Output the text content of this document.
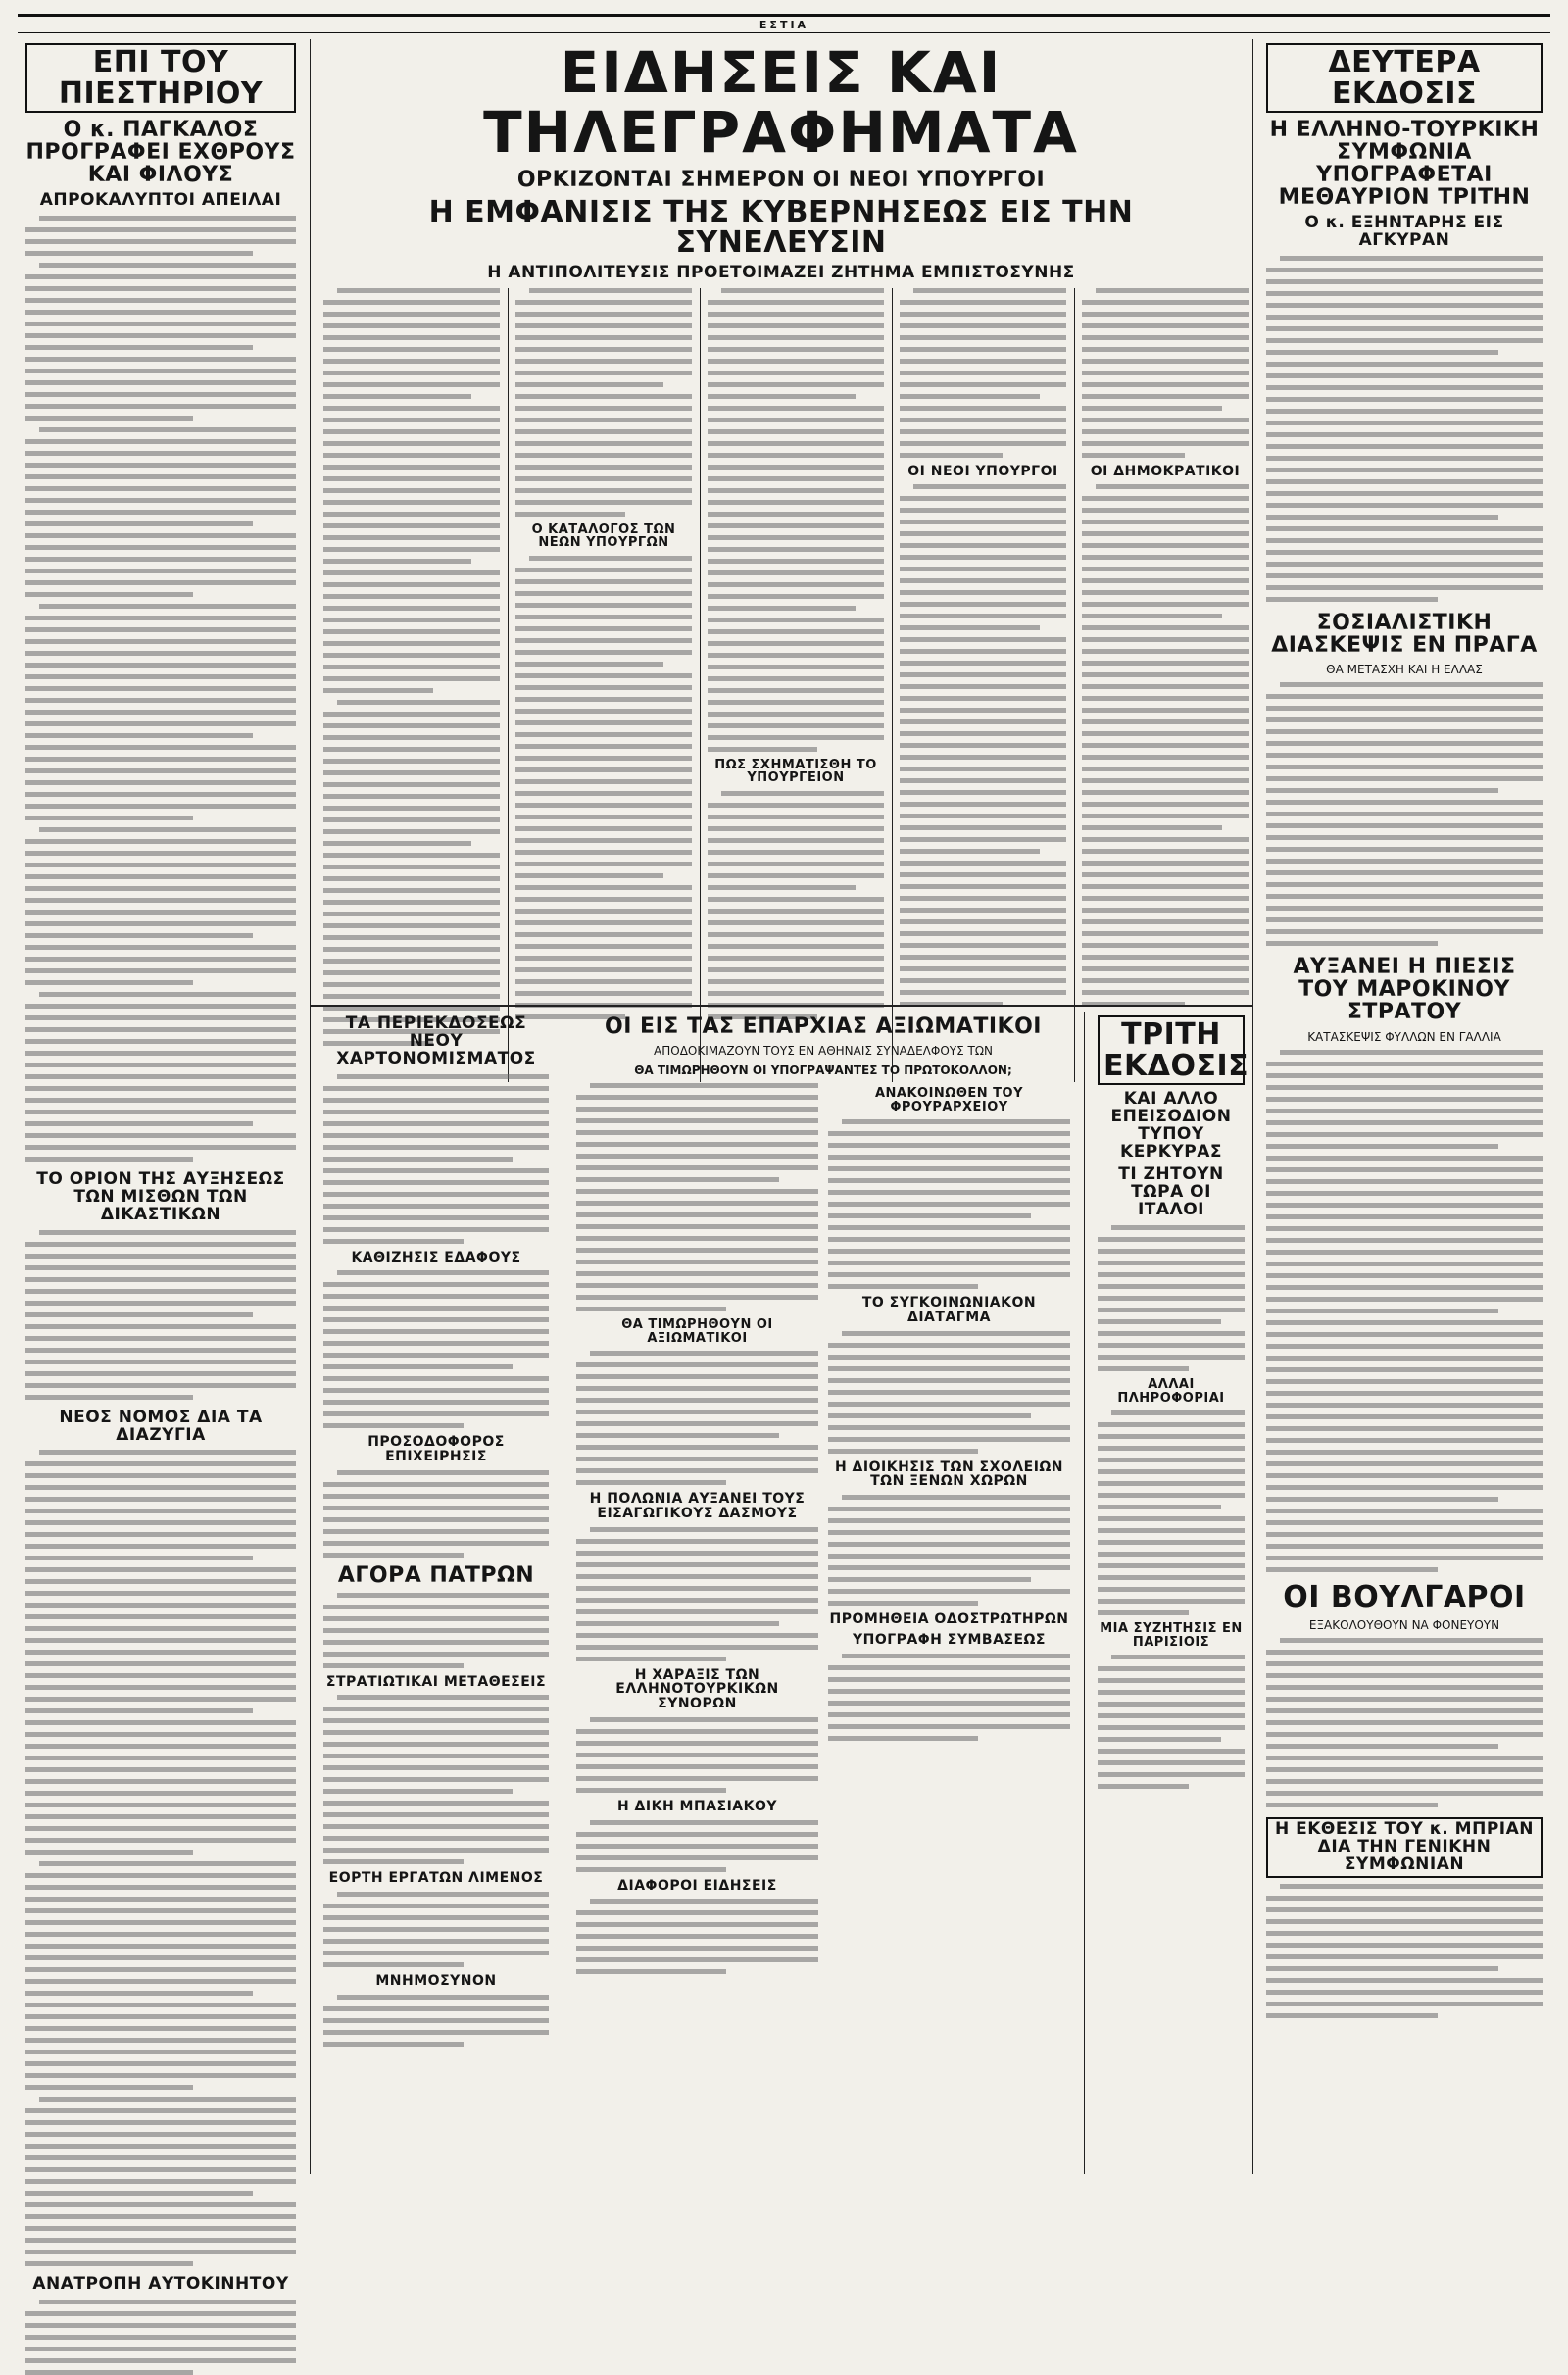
ΕΣΤΙΑ
ΕΠΙ ΤΟΥ ΠΙΕΣΤΗΡΙΟΥ
Ο κ. ΠΑΓΚΑΛΟΣ ΠΡΟΓΡΑΦΕΙ ΕΧΘΡΟΥΣ ΚΑΙ ΦΙΛΟΥΣ
ΑΠΡΟΚΑΛΥΠΤΟΙ ΑΠΕΙΛΑΙ
ΤΟ ΟΡΙΟΝ ΤΗΣ ΑΥΞΗΣΕΩΣ ΤΩΝ ΜΙΣΘΩΝ ΤΩΝ ΔΙΚΑΣΤΙΚΩΝ
ΝΕΟΣ ΝΟΜΟΣ ΔΙΑ ΤΑ ΔΙΑΖΥΓΙΑ
ΑΝΑΤΡΟΠΗ ΑΥΤΟΚΙΝΗΤΟΥ
ΕΙΔΗΣΕΙΣ ΚΑΙ ΤΗΛΕΓΡΑΦΗΜΑΤΑ
ΟΡΚΙΖΟΝΤΑΙ ΣΗΜΕΡΟΝ ΟΙ ΝΕΟΙ ΥΠΟΥΡΓΟΙ
Η ΕΜΦΑΝΙΣΙΣ ΤΗΣ ΚΥΒΕΡΝΗΣΕΩΣ ΕΙΣ ΤΗΝ ΣΥΝΕΛΕΥΣΙΝ
Η ΑΝΤΙΠΟΛΙΤΕΥΣΙΣ ΠΡΟΕΤΟΙΜΑΖΕΙ ΖΗΤΗΜΑ ΕΜΠΙΣΤΟΣΥΝΗΣ
Ο ΚΑΤΑΛΟΓΟΣ ΤΩΝ ΝΕΩΝ ΥΠΟΥΡΓΩΝ
ΠΩΣ ΣΧΗΜΑΤΙΣΘΗ ΤΟ ΥΠΟΥΡΓΕΙΟΝ
ΟΙ ΝΕΟΙ ΥΠΟΥΡΓΟΙ	ΟΙ ΔΗΜΟΚΡΑΤΙΚΟΙ
ΔΕΥΤΕΡΑ ΕΚΔΟΣΙΣ
Η ΕΛΛΗΝΟ-ΤΟΥΡΚΙΚΗ ΣΥΜΦΩΝΙΑ ΥΠΟΓΡΑΦΕΤΑΙ ΜΕΘΑΥΡΙΟΝ ΤΡΙΤΗΝ
Ο κ. ΕΞΗΝΤΑΡΗΣ ΕΙΣ ΑΓΚΥΡΑΝ
ΣΟΣΙΑΛΙΣΤΙΚΗ ΔΙΑΣΚΕΨΙΣ ΕΝ ΠΡΑΓΑ
ΘΑ ΜΕΤΑΣΧΗ ΚΑΙ Η ΕΛΛΑΣ
ΑΥΞΑΝΕΙ Η ΠΙΕΣΙΣ ΤΟΥ ΜΑΡΟΚΙΝΟΥ ΣΤΡΑΤΟΥ
ΚΑΤΑΣΚΕΨΙΣ ΦΥΛΛΩΝ ΕΝ ΓΑΛΛΙΑ
ΟΙ ΒΟΥΛΓΑΡΟΙ
ΕΞΑΚΟΛΟΥΘΟΥΝ ΝΑ ΦΟΝΕΥΟΥΝ
Η ΕΚΘΕΣΙΣ ΤΟΥ κ. ΜΠΡΙΑΝ ΔΙΑ ΤΗΝ ΓΕΝΙΚΗΝ ΣΥΜΦΩΝΙΑΝ
ΤΑ ΠΕΡΙΕΚΔΟΣΕΩΣ ΝΕΟΥ ΧΑΡΤΟΝΟΜΙΣΜΑΤΟΣ
ΚΑΘΙΖΗΣΙΣ ΕΔΑΦΟΥΣ
ΠΡΟΣΟΔΟΦΟΡΟΣ ΕΠΙΧΕΙΡΗΣΙΣ
ΑΓΟΡΑ ΠΑΤΡΩΝ
ΣΤΡΑΤΙΩΤΙΚΑΙ ΜΕΤΑΘΕΣΕΙΣ
ΕΟΡΤΗ ΕΡΓΑΤΩΝ ΛΙΜΕΝΟΣ
ΜΝΗΜΟΣΥΝΟΝ
ΟΙ ΕΙΣ ΤΑΣ ΕΠΑΡΧΙΑΣ ΑΞΙΩΜΑΤΙΚΟΙ
ΑΠΟΔΟΚΙΜΑΖΟΥΝ ΤΟΥΣ ΕΝ ΑΘΗΝΑΙΣ ΣΥΝΑΔΕΛΦΟΥΣ ΤΩΝ
ΘΑ ΤΙΜΩΡΗΘΟΥΝ ΟΙ ΥΠΟΓΡΑΨΑΝΤΕΣ ΤΟ ΠΡΩΤΟΚΟΛΛΟΝ;
ΘΑ ΤΙΜΩΡΗΘΟΥΝ ΟΙ ΑΞΙΩΜΑΤΙΚΟΙ
Η ΠΟΛΩΝΙΑ ΑΥΞΑΝΕΙ ΤΟΥΣ ΕΙΣΑΓΩΓΙΚΟΥΣ ΔΑΣΜΟΥΣ
Η ΧΑΡΑΞΙΣ ΤΩΝ ΕΛΛΗΝΟΤΟΥΡΚΙΚΩΝ ΣΥΝΟΡΩΝ
Η ΔΙΚΗ ΜΠΑΣΙΑΚΟΥ
ΔΙΑΦΟΡΟΙ ΕΙΔΗΣΕΙΣ
ΑΝΑΚΟΙΝΩΘΕΝ ΤΟΥ ΦΡΟΥΡΑΡΧΕΙΟΥ
ΤΟ ΣΥΓΚΟΙΝΩΝΙΑΚΟΝ ΔΙΑΤΑΓΜΑ
Η ΔΙΟΙΚΗΣΙΣ ΤΩΝ ΣΧΟΛΕΙΩΝ ΤΩΝ ΞΕΝΩΝ ΧΩΡΩΝ
ΠΡΟΜΗΘΕΙΑ ΟΔΟΣΤΡΩΤΗΡΩΝ
ΥΠΟΓΡΑΦΗ ΣΥΜΒΑΣΕΩΣ
ΤΡΙΤΗ ΕΚΔΟΣΙΣ
ΚΑΙ ΑΛΛΟ ΕΠΕΙΣΟΔΙΟΝ ΤΥΠΟΥ ΚΕΡΚΥΡΑΣ
ΤΙ ΖΗΤΟΥΝ ΤΩΡΑ ΟΙ ΙΤΑΛΟΙ
ΑΛΛΑΙ ΠΛΗΡΟΦΟΡΙΑΙ
ΜΙΑ ΣΥΖΗΤΗΣΙΣ ΕΝ ΠΑΡΙΣΙΟΙΣ
